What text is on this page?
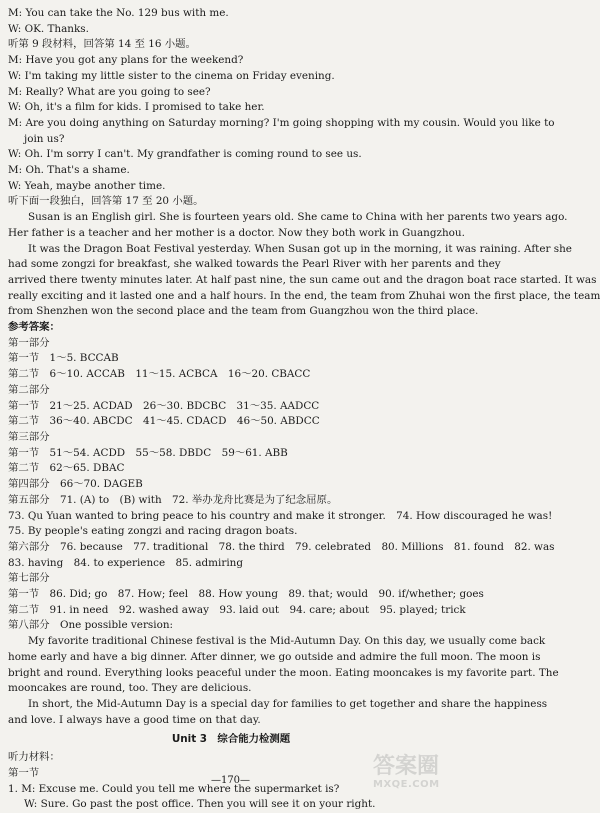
M: You can take the No. 129 bus with me.
W: OK. Thanks.
听第 9 段材料，回答第 14 至 16 小题。
M: Have you got any plans for the weekend?
W: I'm taking my little sister to the cinema on Friday evening.
M: Really? What are you going to see?
W: Oh, it's a film for kids. I promised to take her.
M: Are you doing anything on Saturday morning? I'm going shopping with my cousin. Would you like to
join us?
W: Oh. I'm sorry I can't. My grandfather is coming round to see us.
M: Oh. That's a shame.
W: Yeah, maybe another time.
听下面一段独白，回答第 17 至 20 小题。
Susan is an English girl. She is fourteen years old. She came to China with her parents two years ago.
Her father is a teacher and her mother is a doctor. Now they both work in Guangzhou.
It was the Dragon Boat Festival yesterday. When Susan got up in the morning, it was raining. After she
had some zongzi for breakfast, she walked towards the Pearl River with her parents and they
arrived there twenty minutes later. At half past nine, the sun came out and the dragon boat race started. It was
really exciting and it lasted one and a half hours. In the end, the team from Zhuhai won the first place, the team
from Shenzhen won the second place and the team from Guangzhou won the third place.
参考答案：
第一部分
第一节　1～5. BCCAB
第二节　6～10. ACCAB　11～15. ACBCA　16～20. CBACC
第二部分
第一节　21～25. ACDAD　26～30. BDCBC　31～35. AADCC
第二节　36～40. ABCDC　41～45. CDACD　46～50. ABDCC
第三部分
第一节　51～54. ACDD　55～58. DBDC　59～61. ABB
第二节　62～65. DBAC
第四部分　66～70. DAGEB
第五部分　71. (A) to　(B) with　72. 举办龙舟比赛是为了纪念屈原。
73. Qu Yuan wanted to bring peace to his country and make it stronger.　74. How discouraged he was!
75. By people's eating zongzi and racing dragon boats.
第六部分　76. because　77. traditional　78. the third　79. celebrated　80. Millions　81. found　82. was
83. having　84. to experience　85. admiring
第七部分
第一节　86. Did; go　87. How; feel　88. How young　89. that; would　90. if/whether; goes
第二节　91. in need　92. washed away　93. laid out　94. care; about　95. played; trick
第八部分　One possible version:
My favorite traditional Chinese festival is the Mid-Autumn Day. On this day, we usually come back
home early and have a big dinner. After dinner, we go outside and admire the full moon. The moon is
bright and round. Everything looks peaceful under the moon. Eating mooncakes is my favorite part. The
mooncakes are round, too. They are delicious.
In short, the Mid-Autumn Day is a special day for families to get together and share the happiness
and love. I always have a good time on that day.
Unit 3　综合能力检测题
听力材料：
第一节
1. M: Excuse me. Could you tell me where the supermarket is?
W: Sure. Go past the post office. Then you will see it on your right.
—170—
答案圈
MXQE.COM
